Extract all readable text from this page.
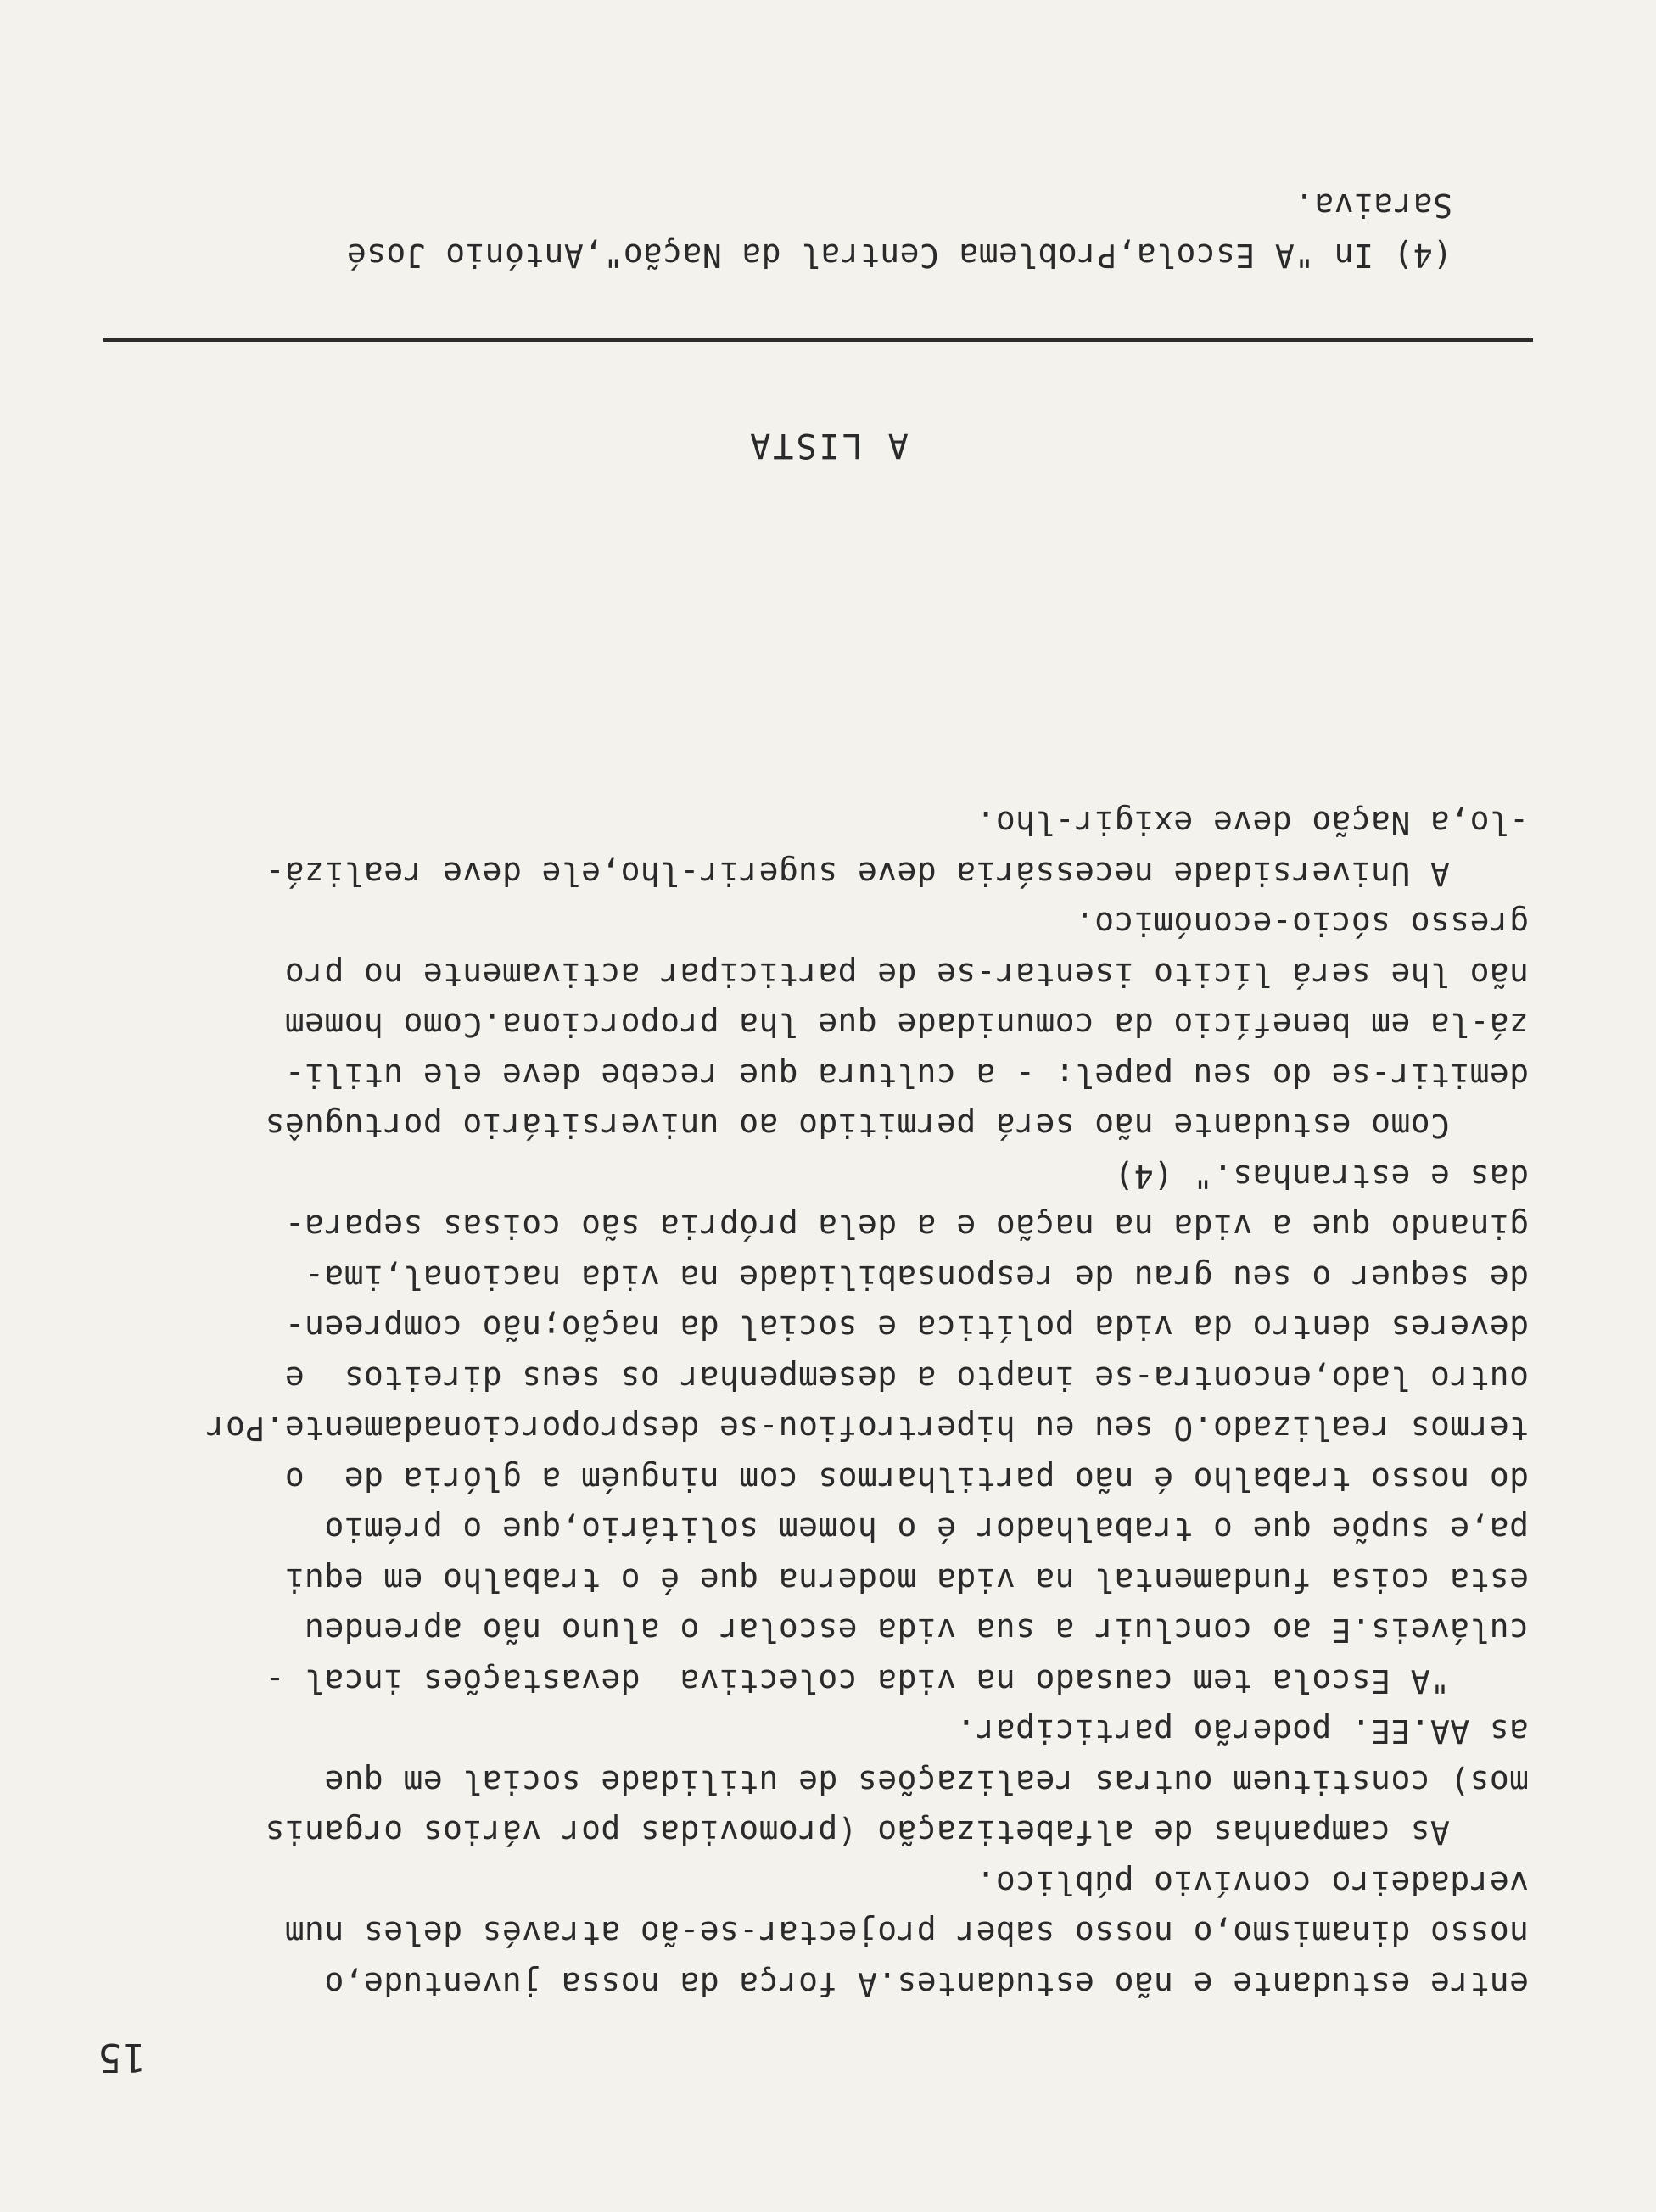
15
entre estudante e não estudantes.A força da nossa juventude,o
nosso dinamismo,o nosso saber projectar-se-ão através deles num
verdadeiro convívio público.
As campanhas de alfabetização (promovidas por vários organis
mos) constituem outras realizações de utilidade social em que
as AA.EE. poderão participar.
"A Escola tem causado na vida colectiva  devastações incal -
culáveis.E ao concluir a sua vida escolar o aluno não aprendeu
esta coisa fundamental na vida moderna que é o trabalho em equi
pa,e supõe que o trabalhador é o homem solitário,que o prémio
do nosso trabalho é não partilharmos com ninguém a glória de  o
termos realizado.O seu eu hipertrofiou-se desproporcionadamente.Por
outro lado,encontra-se inapto a desempenhar os seus direitos  e
deveres dentro da vida política e social da nação;não compreen-
de sequer o seu grau de responsabilidade na vida nacional,ima-
ginando que a vida na nação e a dela própria são coisas separa-
das e estranhas." (4)
Como estudante não será permitido ao universitário português
demitir-se do seu papel: - a cultura que recebe deve ele utili-
zá-la em benefício da comunidade que lha proporciona.Como homem
não lhe será lícito isentar-se de participar activamente no pro
gresso sócio-económico.
A Universidade necessária deve sugerir-lho,ele deve realizá-
-lo,a Nação deve exigir-lho.
A LISTA
(4) In "A Escola,Problema Central da Nação",António José
Saraiva.
